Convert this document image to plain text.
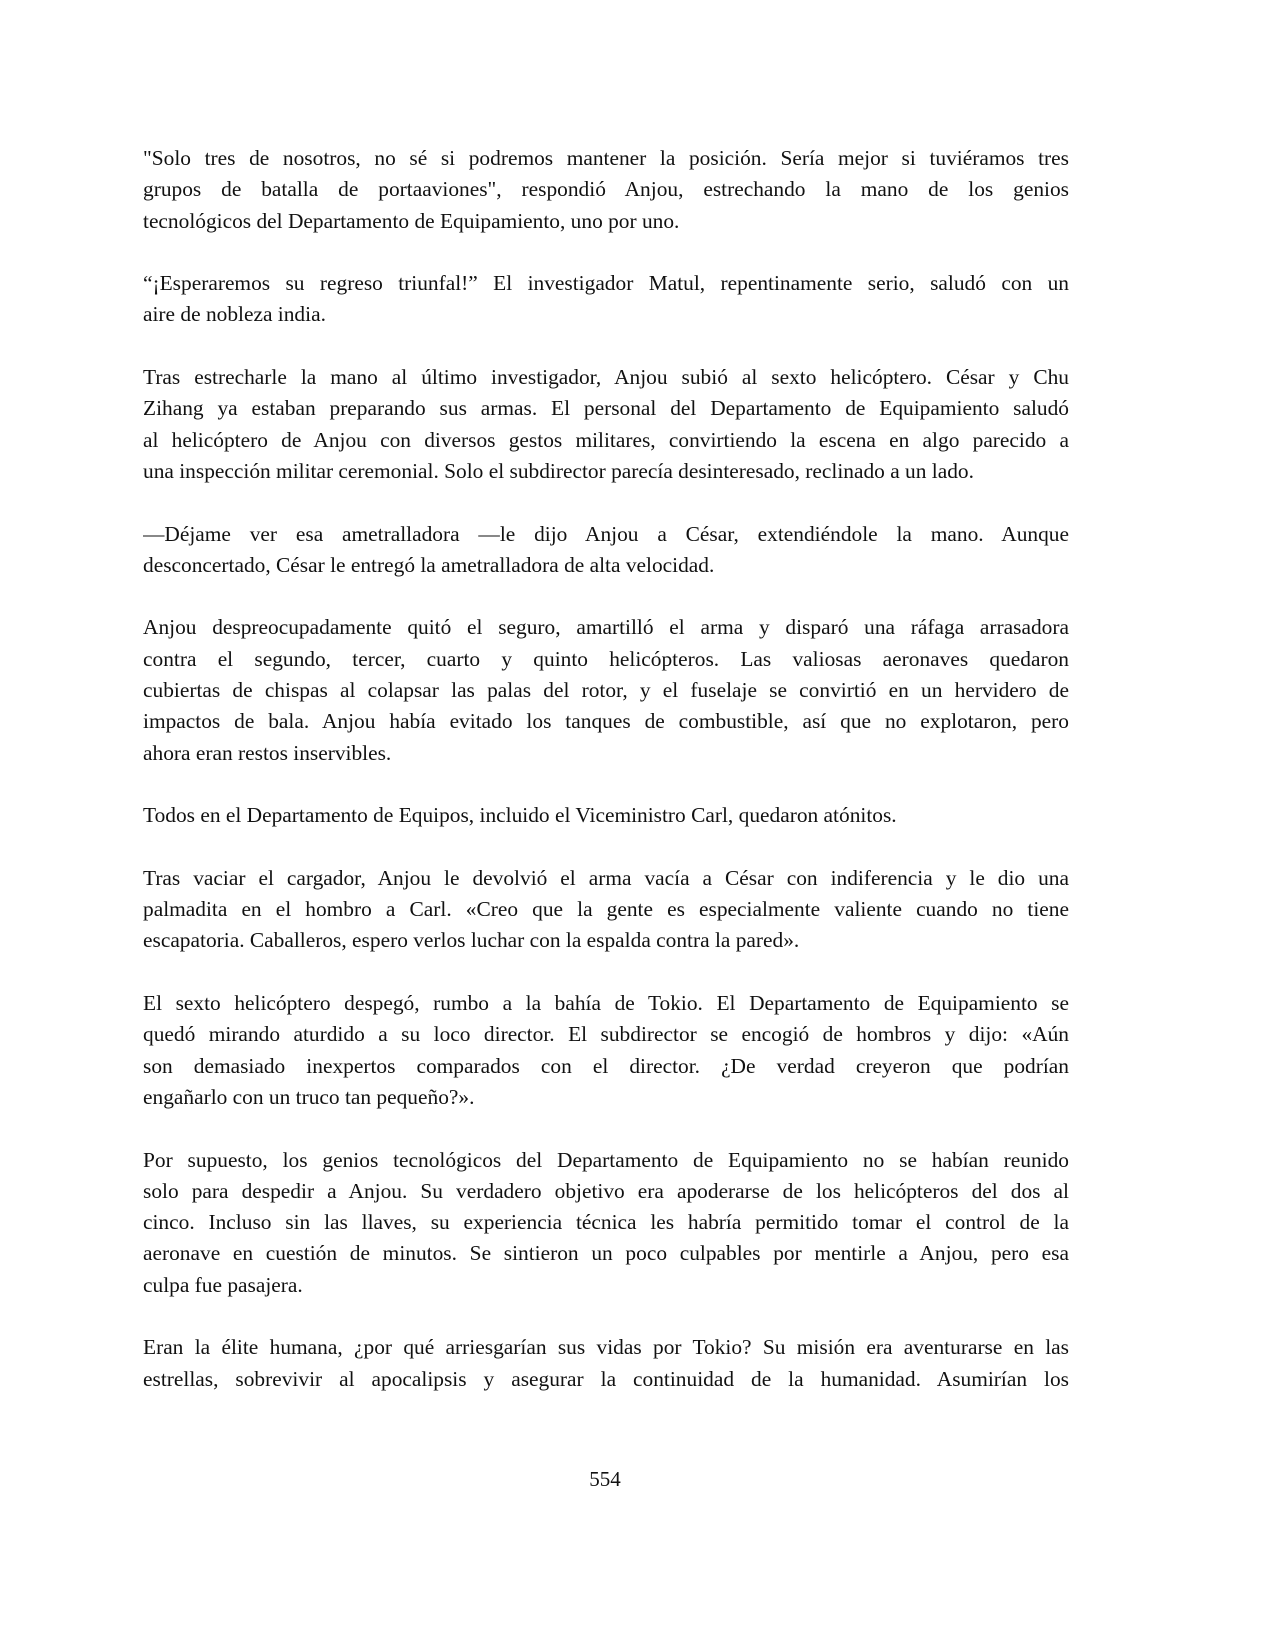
"Solo tres de nosotros, no sé si podremos mantener la posición. Sería mejor si tuviéramos tres
grupos de batalla de portaaviones", respondió Anjou, estrechando la mano de los genios
tecnológicos del Departamento de Equipamiento, uno por uno.
“¡Esperaremos su regreso triunfal!” El investigador Matul, repentinamente serio, saludó con un
aire de nobleza india.
Tras estrecharle la mano al último investigador, Anjou subió al sexto helicóptero. César y Chu
Zihang ya estaban preparando sus armas. El personal del Departamento de Equipamiento saludó
al helicóptero de Anjou con diversos gestos militares, convirtiendo la escena en algo parecido a
una inspección militar ceremonial. Solo el subdirector parecía desinteresado, reclinado a un lado.
—Déjame ver esa ametralladora —le dijo Anjou a César, extendiéndole la mano. Aunque
desconcertado, César le entregó la ametralladora de alta velocidad.
Anjou despreocupadamente quitó el seguro, amartilló el arma y disparó una ráfaga arrasadora
contra el segundo, tercer, cuarto y quinto helicópteros. Las valiosas aeronaves quedaron
cubiertas de chispas al colapsar las palas del rotor, y el fuselaje se convirtió en un hervidero de
impactos de bala. Anjou había evitado los tanques de combustible, así que no explotaron, pero
ahora eran restos inservibles.
Todos en el Departamento de Equipos, incluido el Viceministro Carl, quedaron atónitos.
Tras vaciar el cargador, Anjou le devolvió el arma vacía a César con indiferencia y le dio una
palmadita en el hombro a Carl. «Creo que la gente es especialmente valiente cuando no tiene
escapatoria. Caballeros, espero verlos luchar con la espalda contra la pared».
El sexto helicóptero despegó, rumbo a la bahía de Tokio. El Departamento de Equipamiento se
quedó mirando aturdido a su loco director. El subdirector se encogió de hombros y dijo: «Aún
son demasiado inexpertos comparados con el director. ¿De verdad creyeron que podrían
engañarlo con un truco tan pequeño?».
Por supuesto, los genios tecnológicos del Departamento de Equipamiento no se habían reunido
solo para despedir a Anjou. Su verdadero objetivo era apoderarse de los helicópteros del dos al
cinco. Incluso sin las llaves, su experiencia técnica les habría permitido tomar el control de la
aeronave en cuestión de minutos. Se sintieron un poco culpables por mentirle a Anjou, pero esa
culpa fue pasajera.
Eran la élite humana, ¿por qué arriesgarían sus vidas por Tokio? Su misión era aventurarse en las
estrellas, sobrevivir al apocalipsis y asegurar la continuidad de la humanidad. Asumirían los
554
